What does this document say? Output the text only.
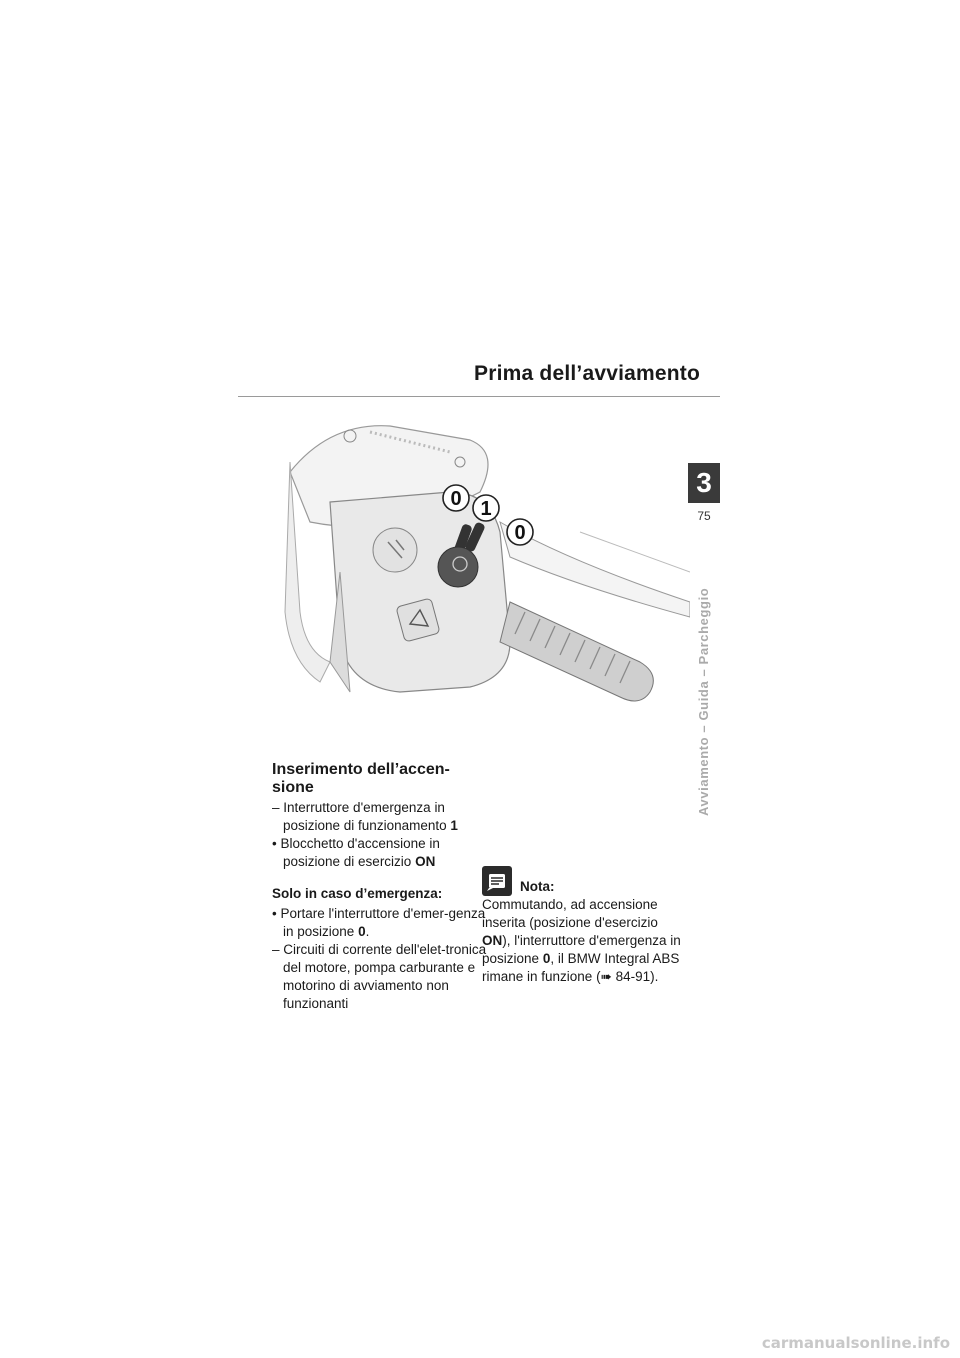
Prima dell’avviamento
3
75
Avviamento – Guida – Parcheggio
0 1
0
Inserimento dell’accen-sione
– Interruttore d'emergenza in posizione di funzionamento 1
• Blocchetto d'accensione in posizione di esercizio ON
Solo in caso d’emergenza:
• Portare l'interruttore d'emer-genza in posizione 0.
– Circuiti di corrente dell'elet-tronica del motore, pompa carburante e motorino di avviamento non funzionanti
Nota:
Commutando, ad accensione inserita (posizione d'esercizio ON), l'interruttore d'emergenza in posizione 0, il BMW Integral ABS rimane in funzione (➠ 84-91).
carmanualsonline.info
